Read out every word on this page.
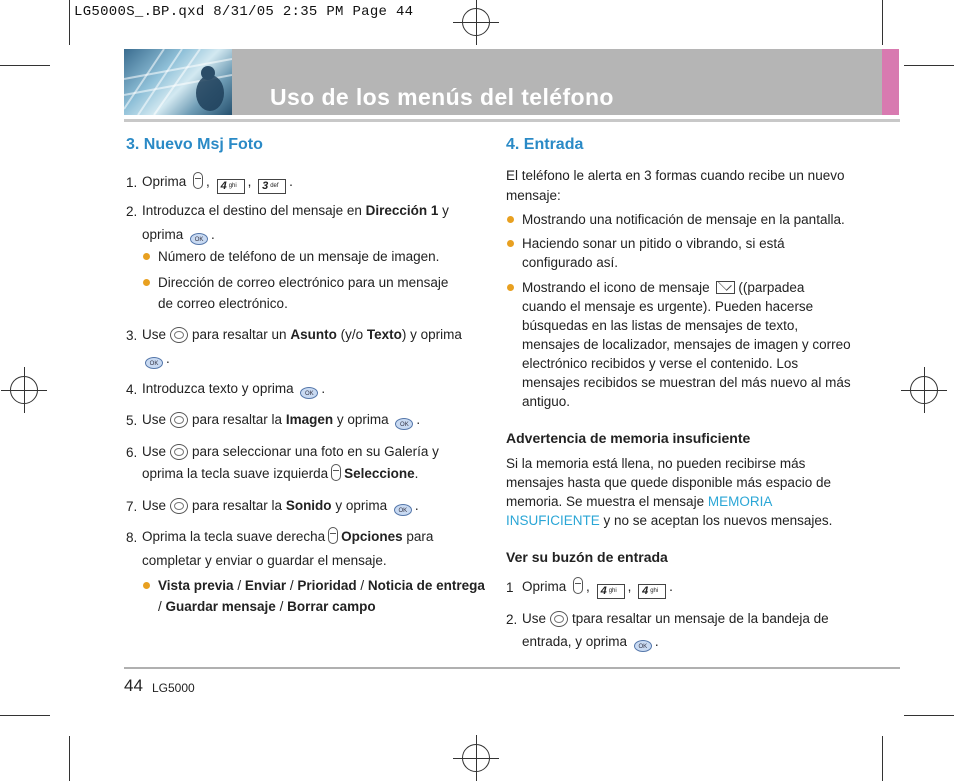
LG5000S_.BP.qxd 8/31/05 2:35 PM Page 44
Uso de los menús del teléfono
3. Nuevo Msj Foto
1. Oprima , 4 ghi , 3 def .
2. Introduzca el destino del mensaje en Dirección 1 y
oprima OK .
Número de teléfono de un mensaje de imagen.
Dirección de correo electrónico para un mensaje
de correo electrónico.
3. Use para resaltar un Asunto (y/o Texto) y oprima
OK .
4. Introduzca texto y oprima OK .
5. Use para resaltar la Imagen y oprima OK .
6. Use para seleccionar una foto en su Galería y
oprima la tecla suave izquierda Seleccione.
7. Use para resaltar la Sonido y oprima OK .
8. Oprima la tecla suave derecha Opciones para
completar y enviar o guardar el mensaje.
Vista previa / Enviar / Prioridad / Noticia de entrega
/ Guardar mensaje / Borrar campo
4. Entrada
El teléfono le alerta en 3 formas cuando recibe un nuevo
mensaje:
Mostrando una notificación de mensaje en la pantalla.
Haciendo sonar un pitido o vibrando, si está
configurado así.
Mostrando el icono de mensaje ((parpadea
cuando el mensaje es urgente). Pueden hacerse
búsquedas en las listas de mensajes de texto,
mensajes de localizador, mensajes de imagen y correo
electrónico recibidos y verse el contenido. Los
mensajes recibidos se muestran del más nuevo al más
antiguo.
Advertencia de memoria insuficiente
Si la memoria está llena, no pueden recibirse más
mensajes hasta que quede disponible más espacio de
memoria. Se muestra el mensaje MEMORIA
INSUFICIENTE y no se aceptan los nuevos mensajes.
Ver su buzón de entrada
1 Oprima , 4 ghi , 4 ghi .
2. Use tpara resaltar un mensaje de la bandeja de
entrada, y oprima OK .
44 LG5000
